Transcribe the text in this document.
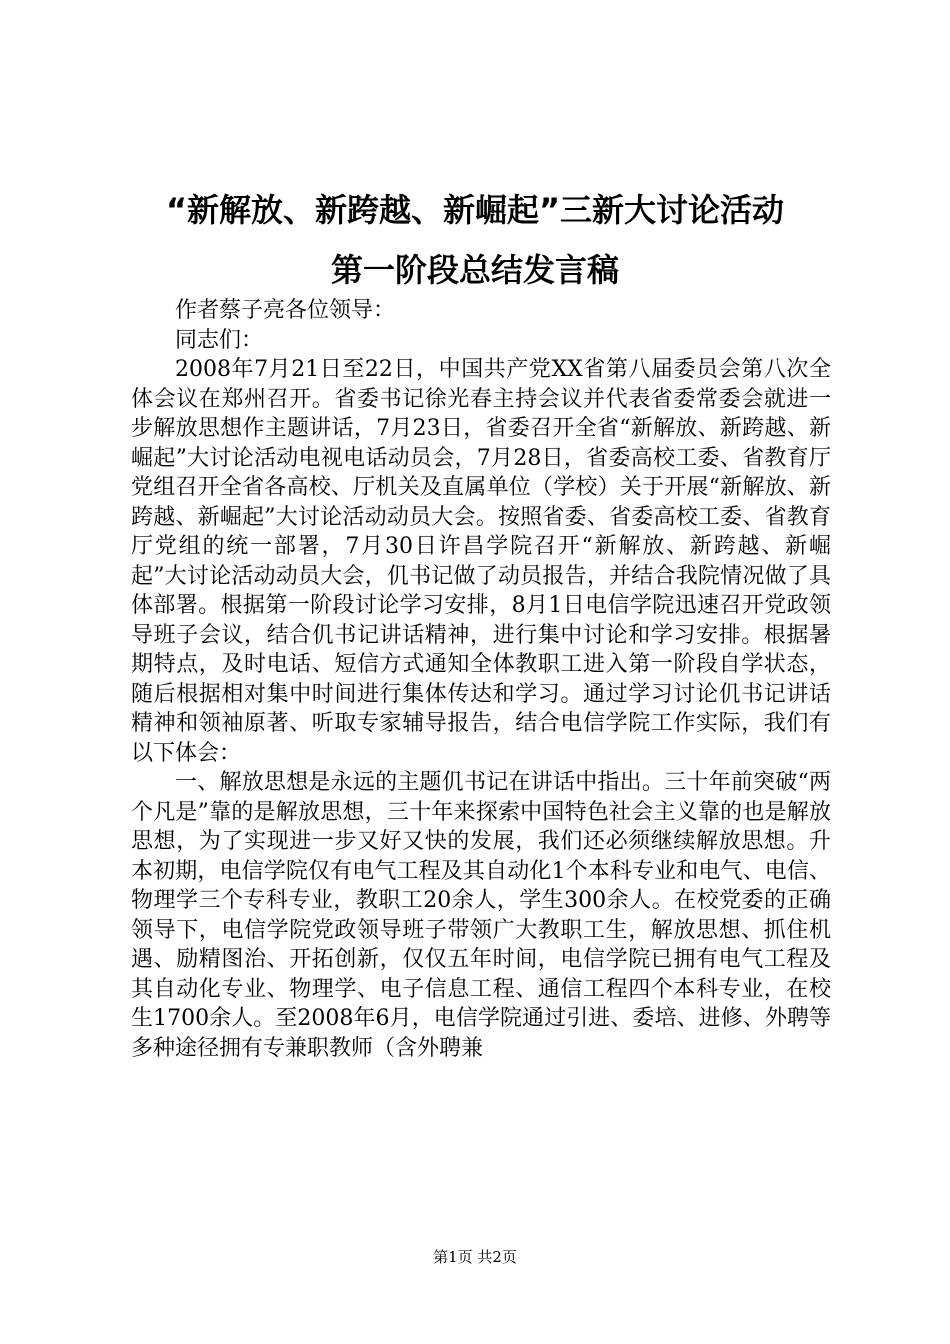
“新解放、新跨越、新崛起”三新大讨论活动
第一阶段总结发言稿

作者蔡子亮各位领导：

同志们：

2008年7月21日至22日，中国共产党XX省第八届委员会第八次全体会议在郑州召开。省委书记徐光春主持会议并代表省委常委会就进一步解放思想作主题讲话，7月23日，省委召开全省“新解放、新跨越、新崛起”大讨论活动电视电话动员会，7月28日，省委高校工委、省教育厅党组召开全省各高校、厅机关及直属单位（学校）关于开展“新解放、新跨越、新崛起”大讨论活动动员大会。按照省委、省委高校工委、省教育厅党组的统一部署，7月30日许昌学院召开“新解放、新跨越、新崛起”大讨论活动动员大会，仉书记做了动员报告，并结合我院情况做了具体部署。根据第一阶段讨论学习安排，8月1日电信学院迅速召开党政领导班子会议，结合仉书记讲话精神，进行集中讨论和学习安排。根据暑期特点，及时电话、短信方式通知全体教职工进入第一阶段自学状态，随后根据相对集中时间进行集体传达和学习。通过学习讨论仉书记讲话精神和领袖原著、听取专家辅导报告，结合电信学院工作实际，我们有以下体会：

一、解放思想是永远的主题仉书记在讲话中指出。三十年前突破“两个凡是”靠的是解放思想，三十年来探索中国特色社会主义靠的也是解放思想，为了实现进一步又好又快的发展，我们还必须继续解放思想。升本初期，电信学院仅有电气工程及其自动化1个本科专业和电气、电信、物理学三个专科专业，教职工20余人，学生300余人。在校党委的正确领导下，电信学院党政领导班子带领广大教职工生，解放思想、抓住机遇、励精图治、开拓创新，仅仅五年时间，电信学院已拥有电气工程及其自动化专业、物理学、电子信息工程、通信工程四个本科专业，在校生1700余人。至2008年6月，电信学院通过引进、委培、进修、外聘等多种途径拥有专兼职教师（含外聘兼

第1页 共2页
